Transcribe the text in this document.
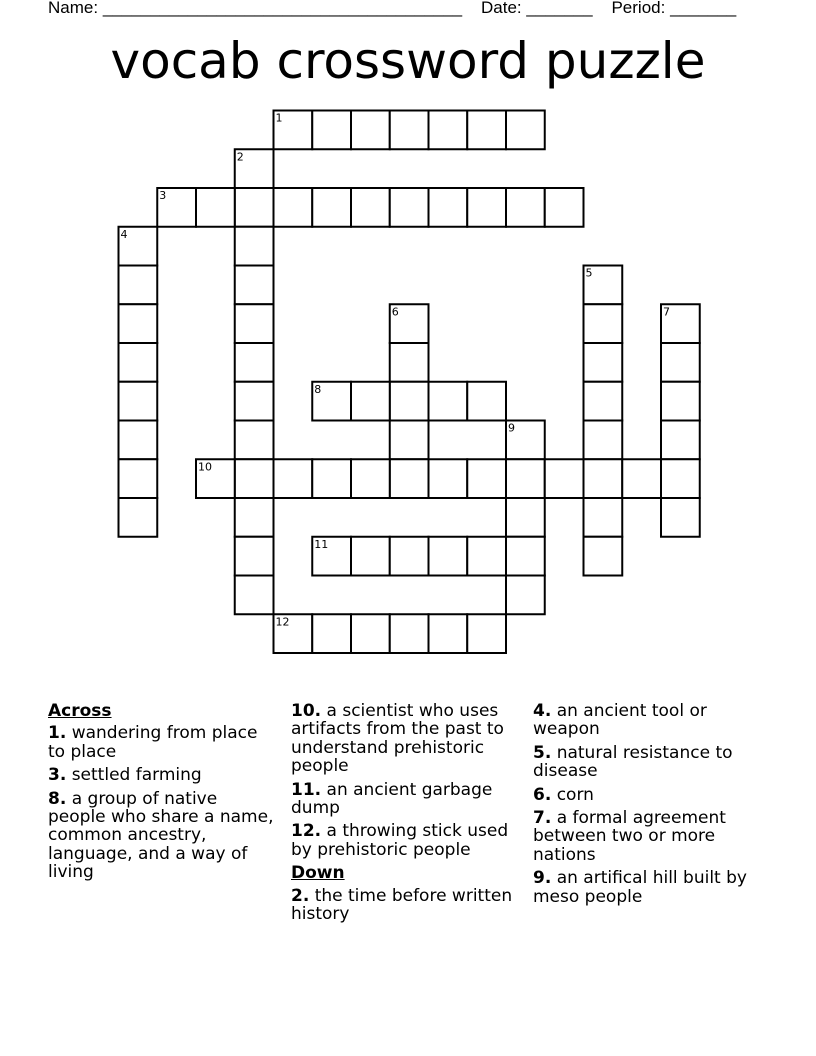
Name: ______________________________________ Date: _______ Period: _______
vocab crossword puzzle
1
2
3
4
5
6	7
8
9
10
11
12
Across
1. wandering from place to place
3. settled farming
8. a group of native people who share a name, common ancestry, language, and a way of living
10. a scientist who uses artifacts from the past to understand prehistoric people
11. an ancient garbage dump
12. a throwing stick used by prehistoric people
Down
2. the time before written history
4. an ancient tool or weapon
5. natural resistance to disease
6. corn
7. a formal agreement between two or more nations
9. an artifical hill built by meso people
